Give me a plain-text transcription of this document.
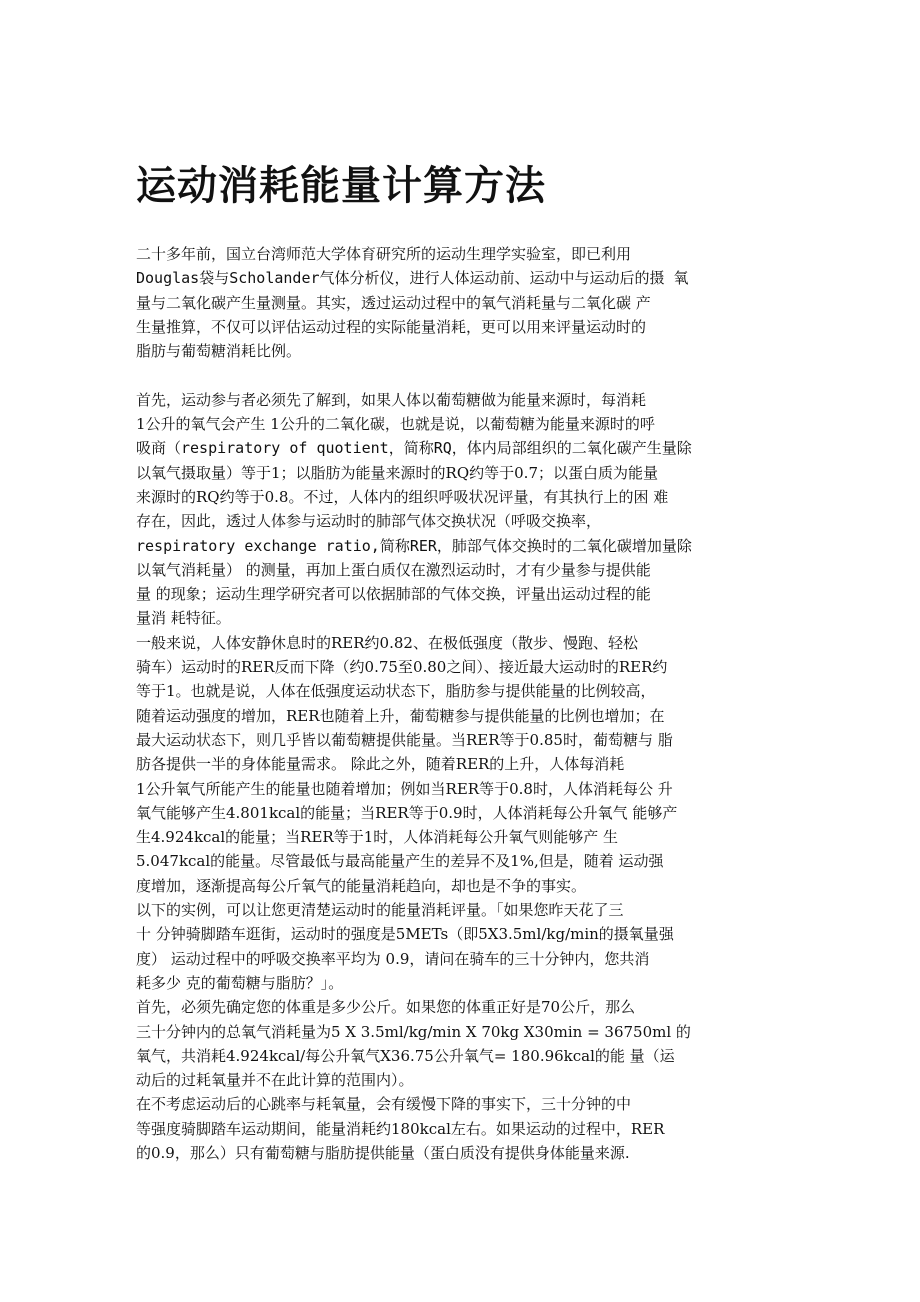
运动消耗能量计算方法
二十多年前，国立台湾师范大学体育研究所的运动生理学实验室，即已利用
Douglas袋与Scholander气体分析仪，进行人体运动前、运动中与运动后的摄 氧
量与二氧化碳产生量测量。其实，透过运动过程中的氧气消耗量与二氧化碳 产
生量推算，不仅可以评估运动过程的实际能量消耗，更可以用来评量运动时的
脂肪与葡萄糖消耗比例。
首先，运动参与者必须先了解到，如果人体以葡萄糖做为能量来源时，每消耗
1公升的氧气会产生 1公升的二氧化碳，也就是说，以葡萄糖为能量来源时的呼
吸商（respiratory of quotient，简称RQ，体内局部组织的二氧化碳产生量除
以氧气摄取量）等于1；以脂肪为能量来源时的RQ约等于0.7；以蛋白质为能量
来源时的RQ约等于0.8。不过，人体内的组织呼吸状况评量，有其执行上的困 难
存在，因此，透过人体参与运动时的肺部气体交换状况（呼吸交换率，
respiratory exchange ratio,简称RER，肺部气体交换时的二氧化碳增加量除
以氧气消耗量） 的测量，再加上蛋白质仅在激烈运动时，才有少量参与提供能
量 的现象；运动生理学研究者可以依据肺部的气体交换，评量出运动过程的能
量消 耗特征。
一般来说，人体安静休息时的RER约0.82、在极低强度（散步、慢跑、轻松
骑车）运动时的RER反而下降（约0.75至0.80之间）、接近最大运动时的RER约
等于1。也就是说，人体在低强度运动状态下，脂肪参与提供能量的比例较高，
随着运动强度的增加，RER也随着上升，葡萄糖参与提供能量的比例也增加；在
最大运动状态下，则几乎皆以葡萄糖提供能量。当RER等于0.85时，葡萄糖与 脂
肪各提供一半的身体能量需求。 除此之外，随着RER的上升，人体每消耗
1公升氧气所能产生的能量也随着增加；例如当RER等于0.8时，人体消耗每公 升
氧气能够产生4.801kcal的能量；当RER等于0.9时，人体消耗每公升氧气 能够产
生4.924kcal的能量；当RER等于1时，人体消耗每公升氧气则能够产 生
5.047kcal的能量。尽管最低与最高能量产生的差异不及1%,但是，随着 运动强
度增加，逐渐提高每公斤氧气的能量消耗趋向，却也是不争的事实。
以下的实例，可以让您更清楚运动时的能量消耗评量。「如果您昨天花了三
十 分钟骑脚踏车逛街，运动时的强度是5METs（即5X3.5ml/kg/min的摄氧量强
度） 运动过程中的呼吸交换率平均为 0.9，请问在骑车的三十分钟内，您共消
耗多少 克的葡萄糖与脂肪？」。
首先，必须先确定您的体重是多少公斤。如果您的体重正好是70公斤，那么
三十分钟内的总氧气消耗量为5 X 3.5ml/kg/min X 70kg X30min = 36750ml 的
氧气，共消耗4.924kcal/每公升氧气X36.75公升氧气= 180.96kcal的能 量（运
动后的过耗氧量并不在此计算的范围内）。
在不考虑运动后的心跳率与耗氧量，会有缓慢下降的事实下，三十分钟的中
等强度骑脚踏车运动期间，能量消耗约180kcal左右。如果运动的过程中，RER
的0.9，那么）只有葡萄糖与脂肪提供能量（蛋白质没有提供身体能量来源.
